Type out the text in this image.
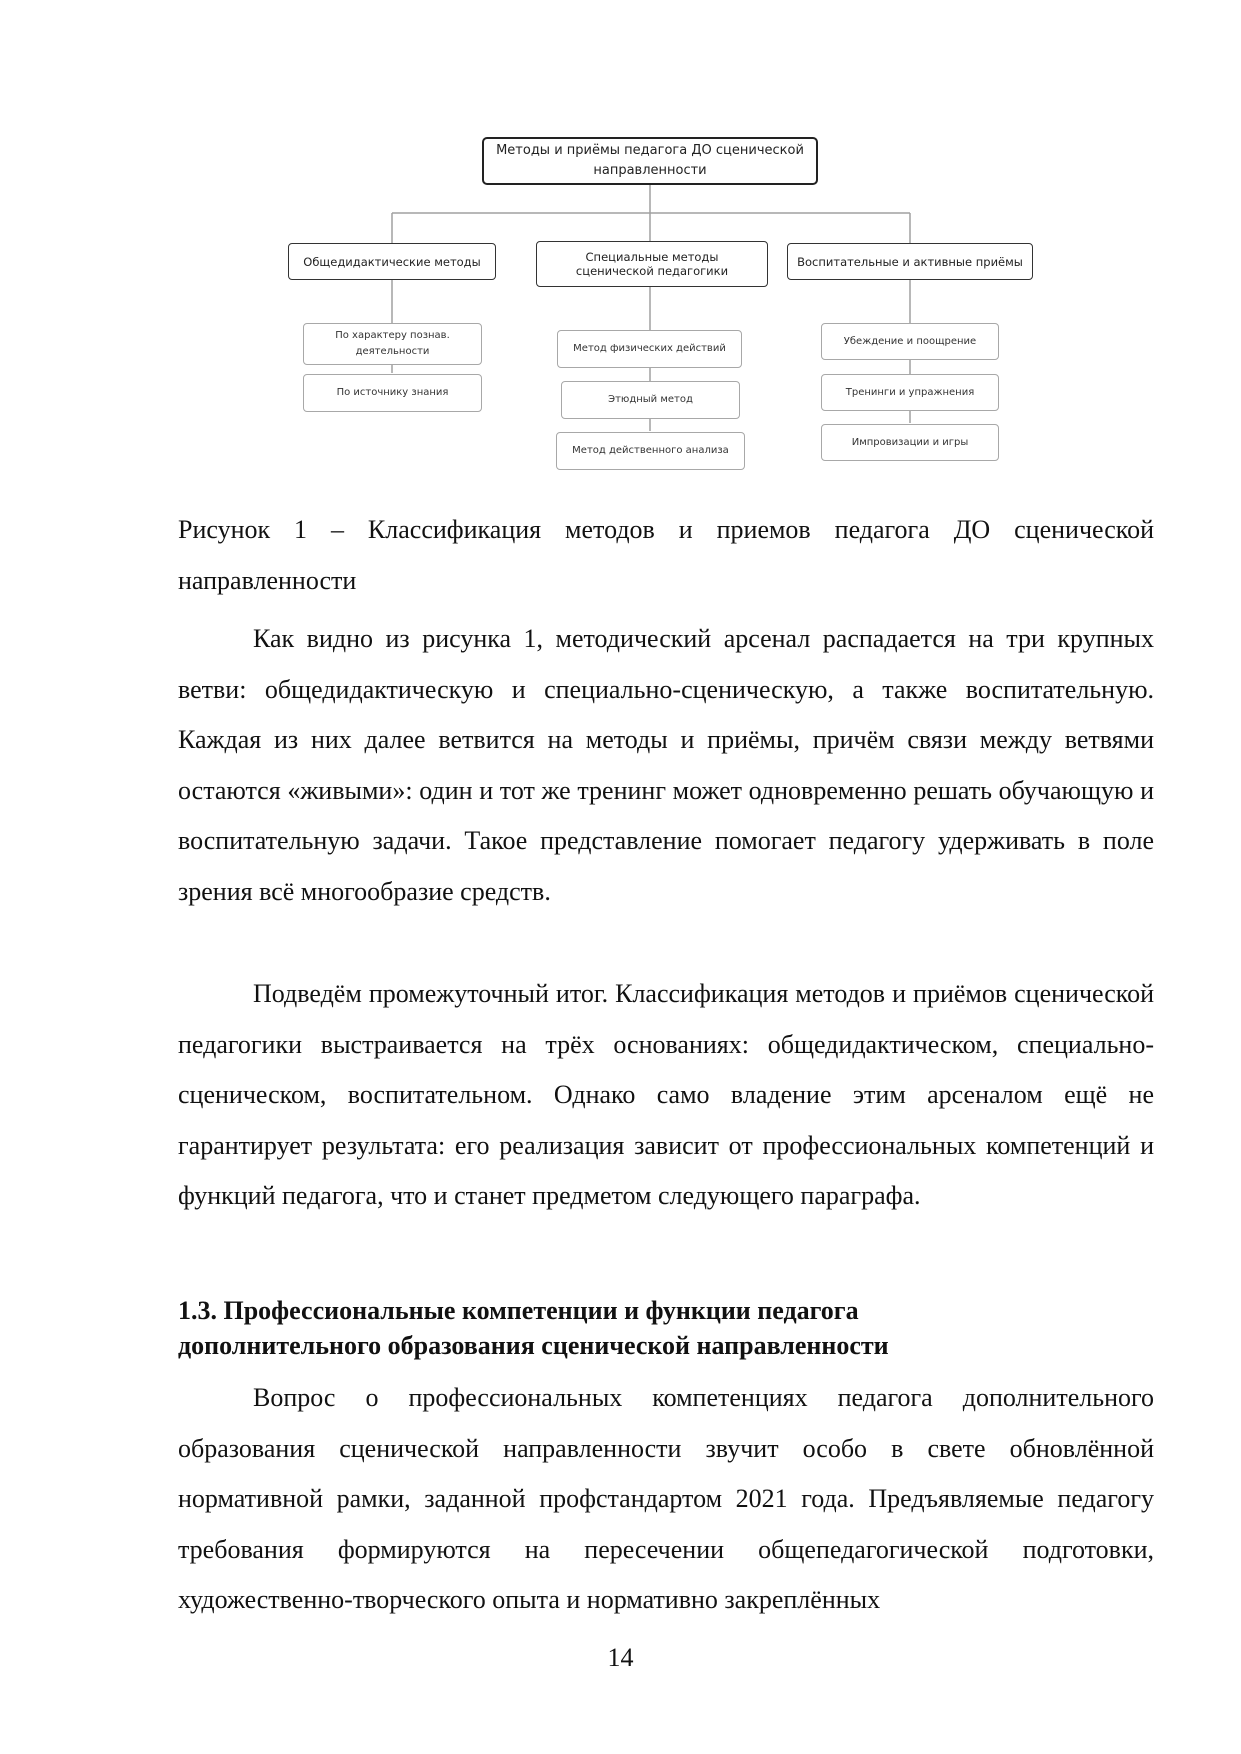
Методы и приёмы педагога ДО сценической направленности
Общедидактические методы	Специальные методы сценической педагогики
Воспитательные и активные приёмы
По характеру познав. деятельности
По источнику знания
Метод физических действий
Этюдный метод
Метод действенного анализа
Убеждение и поощрение
Тренинги и упражнения
Импровизации и игры

Рисунок 1 – Классификация методов и приемов педагога ДО сценической направленности

Как видно из рисунка 1, методический арсенал распадается на три крупных ветви: общедидактическую и специально-сценическую, а также воспитательную. Каждая из них далее ветвится на методы и приёмы, причём связи между ветвями остаются «живыми»: один и тот же тренинг может одновременно решать обучающую и воспитательную задачи. Такое представление помогает педагогу удерживать в поле зрения всё многообразие средств.

Подведём промежуточный итог. Классификация методов и приёмов сценической педагогики выстраивается на трёх основаниях: общедидактическом, специально-сценическом, воспитательном. Однако само владение этим арсеналом ещё не гарантирует результата: его реализация зависит от профессиональных компетенций и функций педагога, что и станет предметом следующего параграфа.

1.3. Профессиональные компетенции и функции педагога
дополнительного образования сценической направленности

Вопрос о профессиональных компетенциях педагога дополнительного образования сценической направленности звучит особо в свете обновлённой нормативной рамки, заданной профстандартом 2021 года. Предъявляемые педагогу требования формируются на пересечении общепедагогической подготовки, художественно-творческого опыта и нормативно закреплённых

14
